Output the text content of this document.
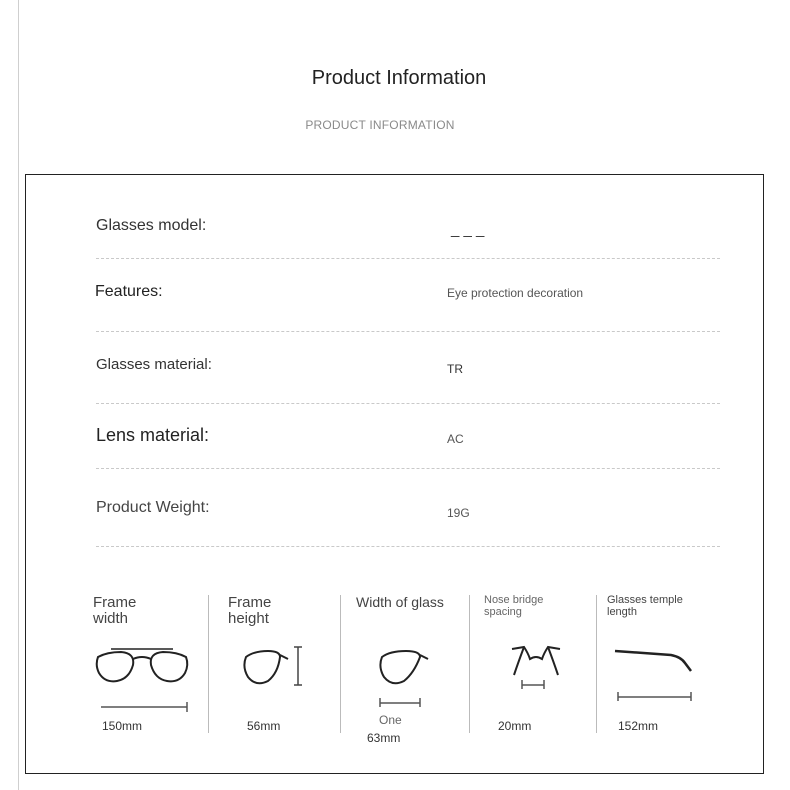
Product Information
PRODUCT INFORMATION
Glasses model:	_ _ _
Features:	Eye protection decoration
Glasses material:	TR
Lens material:	AC
Product Weight:	19G
Frame width
150mm
Frame height
56mm
Width of glass
One
63mm
Nose bridge spacing
20mm
Glasses temple length
152mm
